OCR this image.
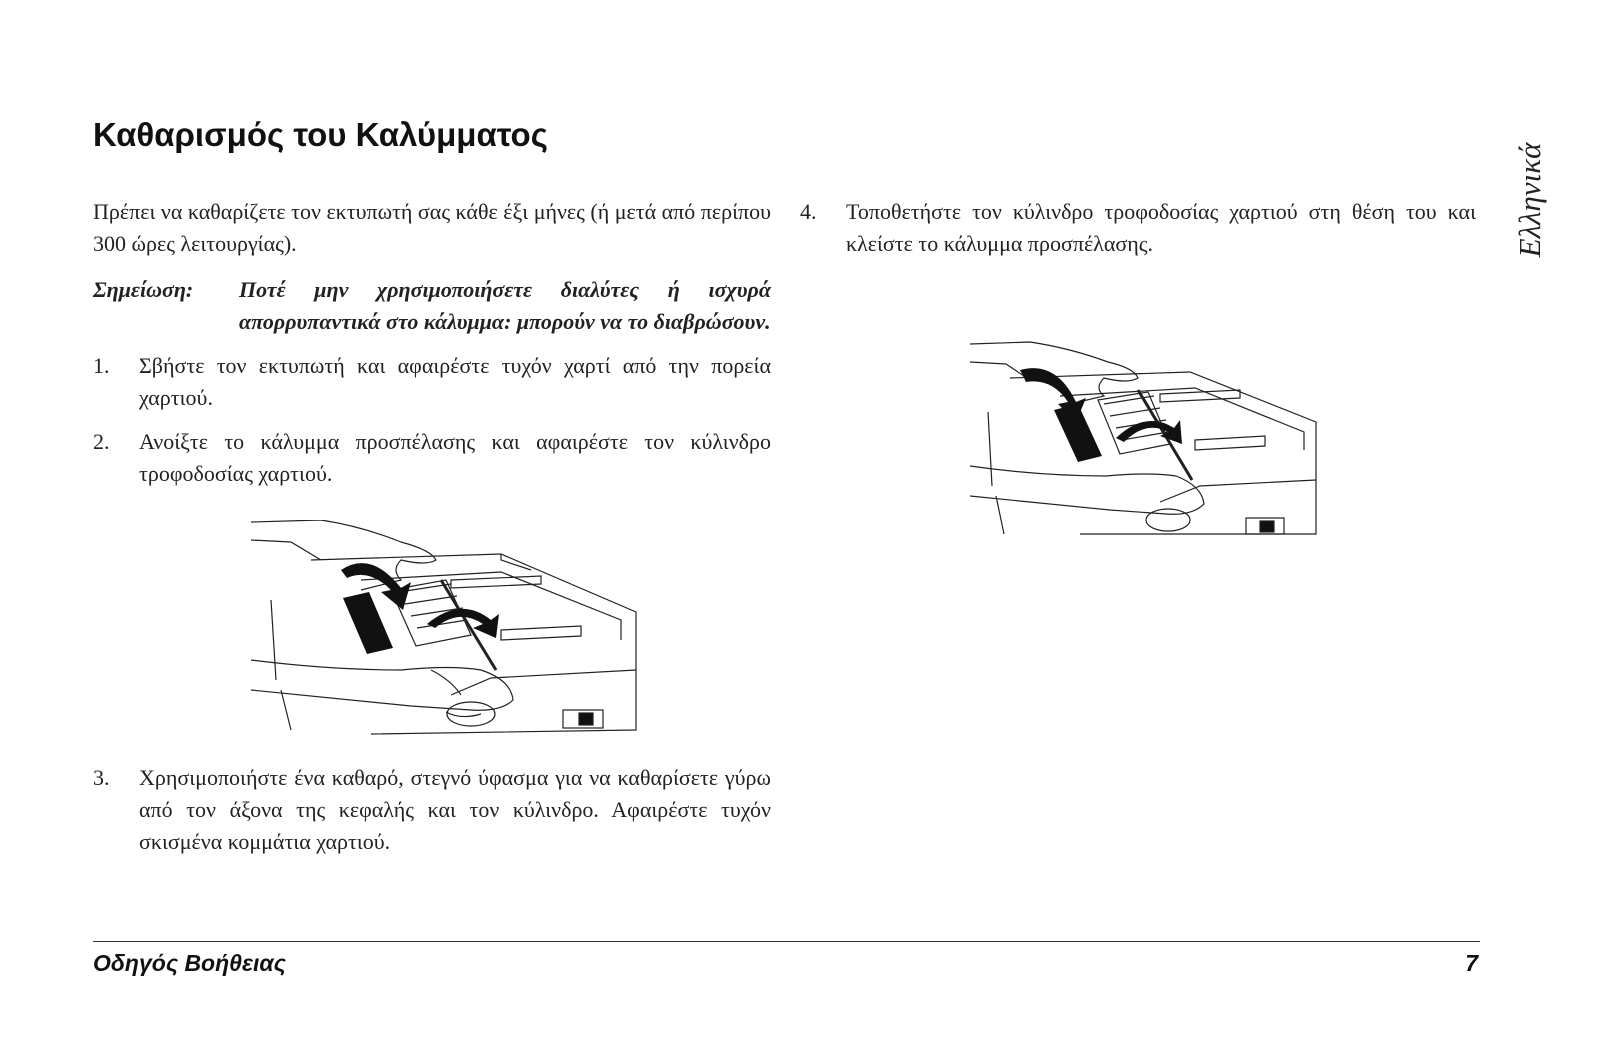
Καθαρισμός του Καλύμματος
Ελληνικά

Πρέπει να καθαρίζετε τον εκτυπωτή σας κάθε έξι μήνες (ή μετά από περίπου 300 ώρες λειτουργίας).

Σημείωση:	Ποτέ μην χρησιμοποιήσετε διαλύτες ή ισχυρά απορρυπαντικά στο κάλυμμα: μπορούν να το διαβρώσουν.
1.	Σβήστε τον εκτυπωτή και αφαιρέστε τυχόν χαρτί από την πορεία χαρτιού.
2.	Ανοίξτε το κάλυμμα προσπέλασης και αφαιρέστε τον κύλινδρο τροφοδοσίας χαρτιού.
3.	Χρησιμοποιήστε ένα καθαρό, στεγνό ύφασμα για να καθαρίσετε γύρω από τον άξονα της κεφαλής και τον κύλινδρο. Αφαιρέστε τυχόν σκισμένα κομμάτια χαρτιού.
4.	Τοποθετήστε τον κύλινδρο τροφοδοσίας χαρτιού στη θέση του και κλείστε το κάλυμμα προσπέλασης.
Οδηγός Βοήθειας	7
